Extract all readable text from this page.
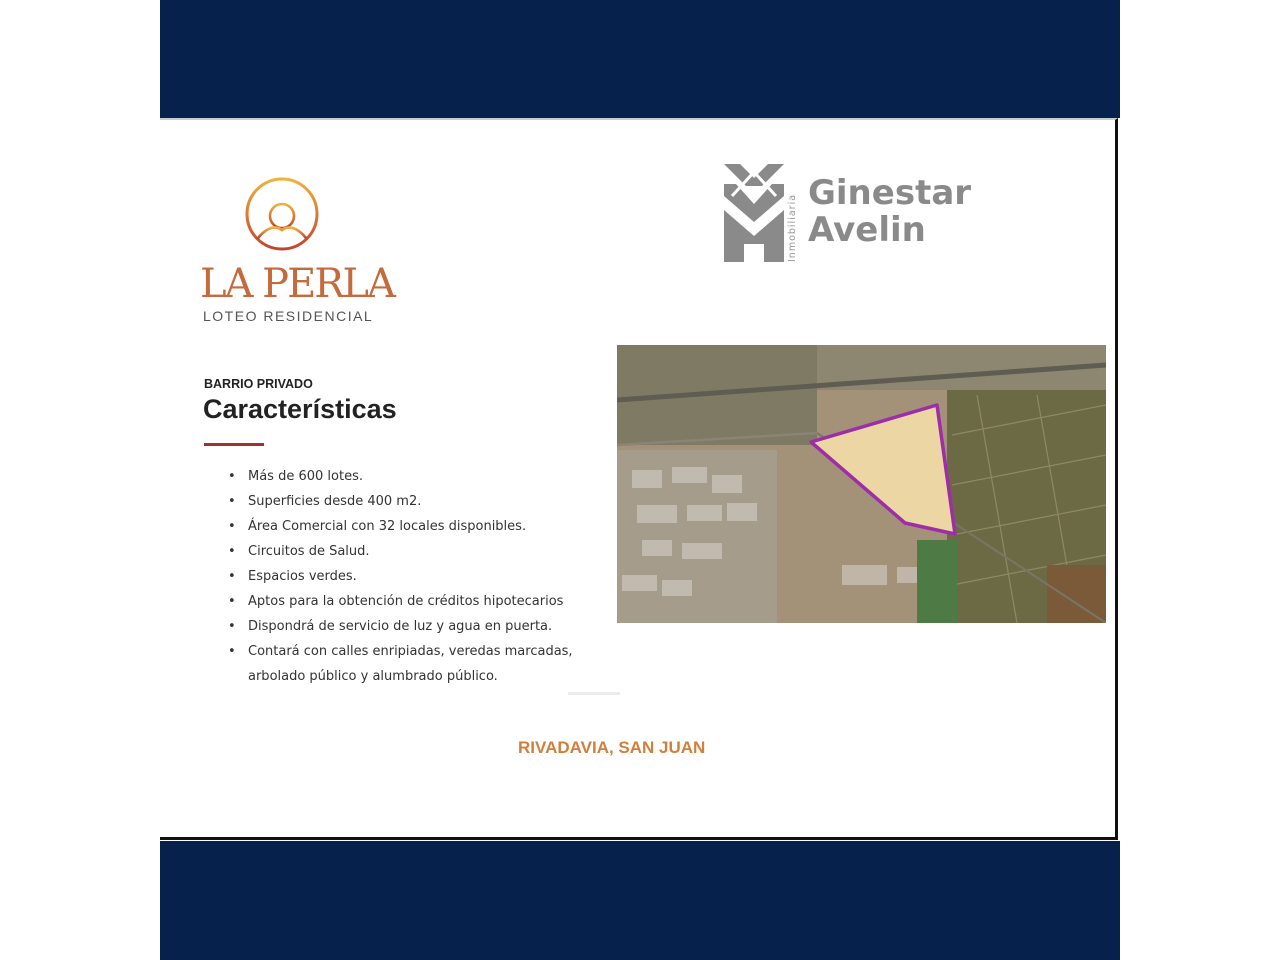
LA PERLA
LOTEO RESIDENCIAL
Inmobiliaria
Ginestar
Avelin
BARRIO PRIVADO
Características
• Más de 600 lotes.
• Superficies desde 400 m2.
• Área Comercial con 32 locales disponibles.
• Circuitos de Salud.
• Espacios verdes.
• Aptos para la obtención de créditos hipotecarios
• Dispondrá de servicio de luz y agua en puerta.
• Contará con calles enripiadas, veredas marcadas, arbolado público y alumbrado público.
RIVADAVIA, SAN JUAN
